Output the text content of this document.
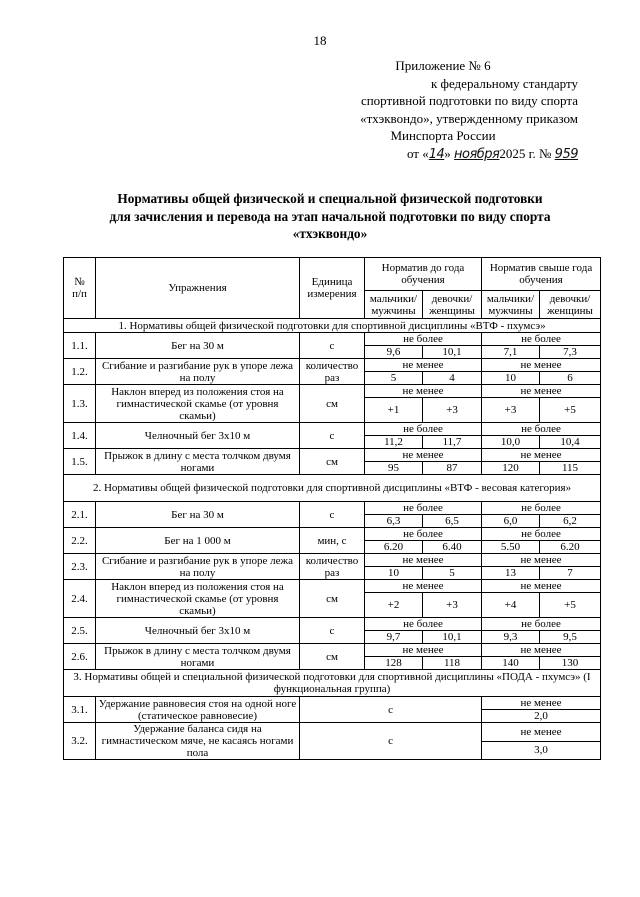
18
Приложение № 6
к федеральному стандарту
спортивной подготовки по виду спорта
«тхэквондо», утвержденному приказом
Минспорта России
от «14» ноября2025 г. № 959
Нормативы общей физической и специальной физической подготовки
для зачисления и перевода на этап начальной подготовки по виду спорта
«тхэквондо»
№
п/п	Упражнения	Единица измерения	Норматив до года обучения		Норматив свыше года обучения	
			мальчики/ мужчины	девочки/ женщины	мальчики/ мужчины	девочки/ женщины
1. Нормативы общей физической подготовки для спортивной дисциплины «ВТФ - пхумсэ»						
1.1.	Бег на 30 м	с	не более		не более	
			9,6	10,1	7,1	7,3
1.2.	Сгибание и разгибание рук в упоре лежа на полу	количество раз	не менее		не менее	
			5	4	10	6
1.3.	Наклон вперед из положения стоя на гимнастической скамье (от уровня скамьи)	см	не менее		не менее	
			+1	+3	+3	+5
1.4.	Челночный бег 3х10 м	с	не более		не более	
			11,2	11,7	10,0	10,4
1.5.	Прыжок в длину с места толчком двумя ногами	см	не менее		не менее	
			95	87	120	115
2. Нормативы общей физической подготовки для спортивной дисциплины «ВТФ - весовая категория»						
2.1.	Бег на 30 м	с	не более		не более	
			6,3	6,5	6,0	6,2
2.2.	Бег на 1 000 м	мин, с	не более		не более	
			6.20	6.40	5.50	6.20
2.3.	Сгибание и разгибание рук в упоре лежа на полу	количество раз	не менее		не менее	
			10	5	13	7
2.4.	Наклон вперед из положения стоя на гимнастической скамье (от уровня скамьи)	см	не менее		не менее	
			+2	+3	+4	+5
2.5.	Челночный бег 3х10 м	с	не более		не более	
			9,7	10,1	9,3	9,5
2.6.	Прыжок в длину с места толчком двумя ногами	см	не менее		не менее	
			128	118	140	130
3. Нормативы общей и специальной физической подготовки для спортивной дисциплины «ПОДА - пхумсэ» (I функциональная группа)						
3.1.	Удержание равновесия стоя на одной ноге (статическое равновесие)	с			не менее	
					2,0	
3.2.	Удержание баланса сидя на гимнастическом мяче, не касаясь ногами пола	с			не менее	
					3,0	
